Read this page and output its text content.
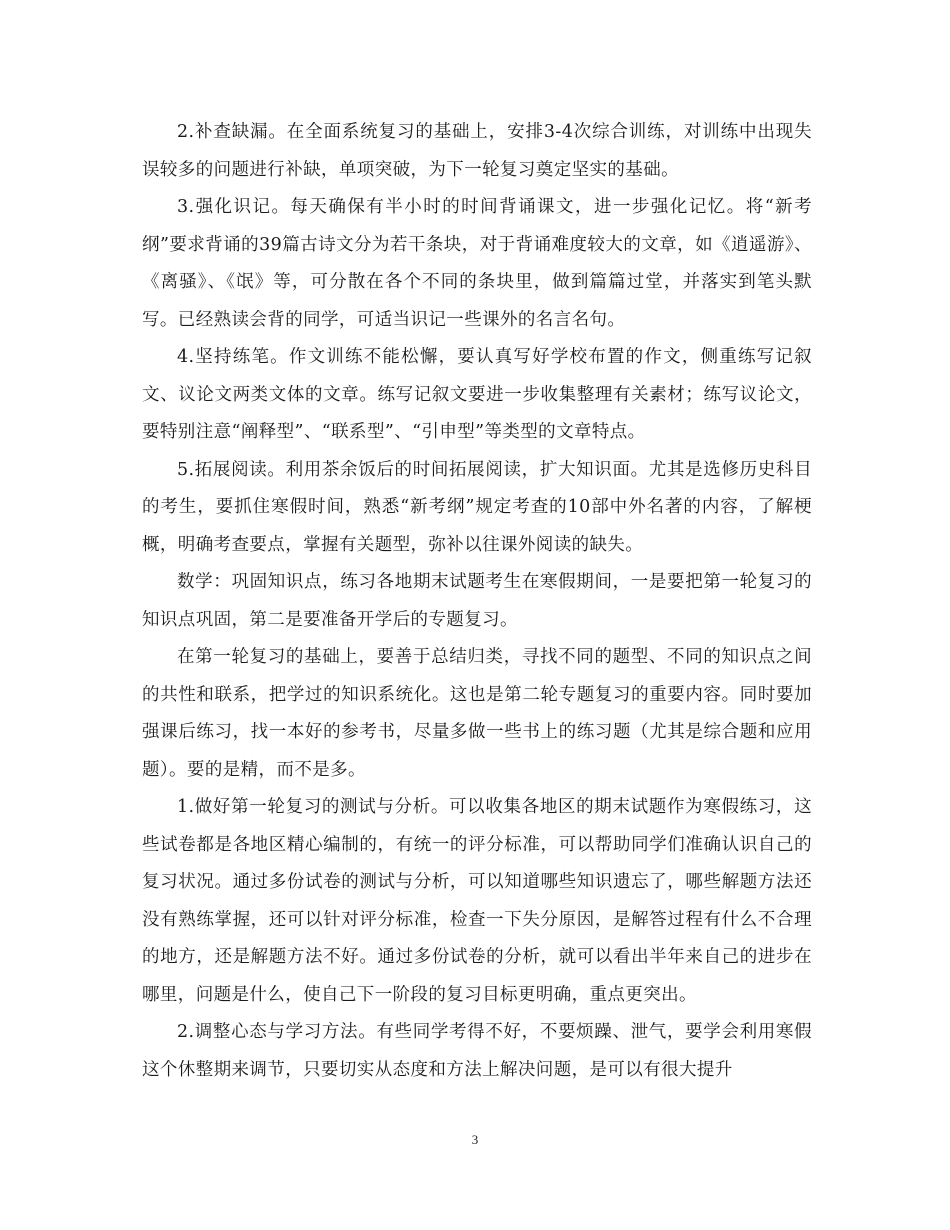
2.补查缺漏。在全面系统复习的基础上，安排3-4次综合训练，对训练中出现失误较多的问题进行补缺，单项突破，为下一轮复习奠定坚实的基础。

3.强化识记。每天确保有半小时的时间背诵课文，进一步强化记忆。将“新考纲”要求背诵的39篇古诗文分为若干条块，对于背诵难度较大的文章，如《逍遥游》、《离骚》、《氓》等，可分散在各个不同的条块里，做到篇篇过堂，并落实到笔头默写。已经熟读会背的同学，可适当识记一些课外的名言名句。

4.坚持练笔。作文训练不能松懈，要认真写好学校布置的作文，侧重练写记叙文、议论文两类文体的文章。练写记叙文要进一步收集整理有关素材；练写议论文，要特别注意“阐释型”、“联系型”、“引申型”等类型的文章特点。

5.拓展阅读。利用茶余饭后的时间拓展阅读，扩大知识面。尤其是选修历史科目的考生，要抓住寒假时间，熟悉“新考纲”规定考查的10部中外名著的内容，了解梗概，明确考查要点，掌握有关题型，弥补以往课外阅读的缺失。

数学：巩固知识点，练习各地期末试题考生在寒假期间，一是要把第一轮复习的知识点巩固，第二是要准备开学后的专题复习。

在第一轮复习的基础上，要善于总结归类，寻找不同的题型、不同的知识点之间的共性和联系，把学过的知识系统化。这也是第二轮专题复习的重要内容。同时要加强课后练习，找一本好的参考书，尽量多做一些书上的练习题（尤其是综合题和应用题）。要的是精，而不是多。

1.做好第一轮复习的测试与分析。可以收集各地区的期末试题作为寒假练习，这些试卷都是各地区精心编制的，有统一的评分标准，可以帮助同学们准确认识自己的复习状况。通过多份试卷的测试与分析，可以知道哪些知识遗忘了，哪些解题方法还没有熟练掌握，还可以针对评分标准，检查一下失分原因，是解答过程有什么不合理的地方，还是解题方法不好。通过多份试卷的分析，就可以看出半年来自己的进步在哪里，问题是什么，使自己下一阶段的复习目标更明确，重点更突出。

2.调整心态与学习方法。有些同学考得不好，不要烦躁、泄气，要学会利用寒假这个休整期来调节，只要切实从态度和方法上解决问题，是可以有很大提升

3
